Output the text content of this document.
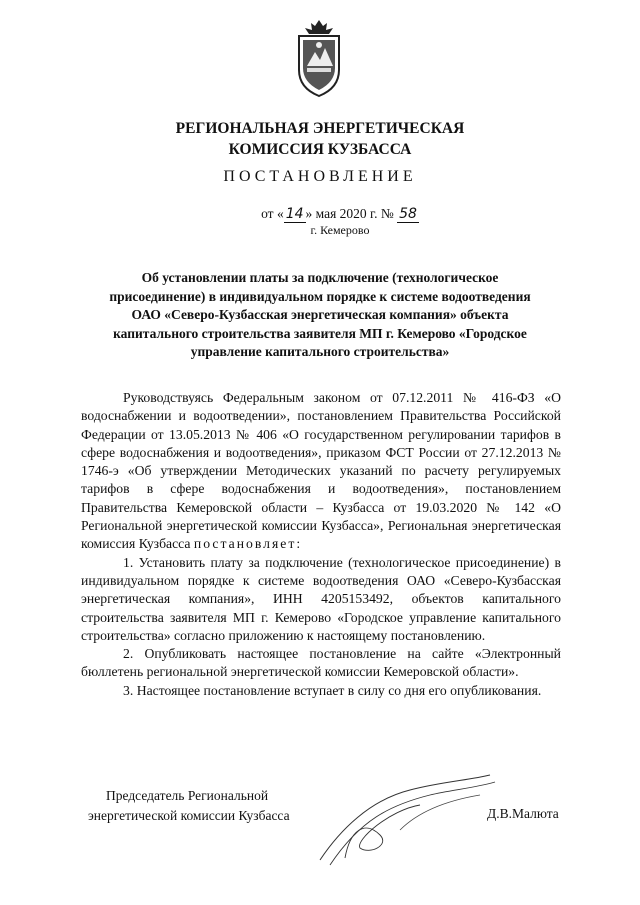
РЕГИОНАЛЬНАЯ ЭНЕРГЕТИЧЕСКАЯ КОМИССИЯ КУЗБАССА
ПОСТАНОВЛЕНИЕ
от « 14 » мая 2020 г. № 58
г. Кемерово
Об установлении платы за подключение (технологическое присоединение) в индивидуальном порядке к системе водоотведения ОАО «Северо-Кузбасская энергетическая компания» объекта капитального строительства заявителя МП г. Кемерово «Городское управление капитального строительства»

Руководствуясь Федеральным законом от 07.12.2011 № 416-ФЗ «О водоснабжении и водоотведении», постановлением Правительства Российской Федерации от 13.05.2013 № 406 «О государственном регулировании тарифов в сфере водоснабжения и водоотведения», приказом ФСТ России от 27.12.2013 № 1746-э «Об утверждении Методических указаний по расчету регулируемых тарифов в сфере водоснабжения и водоотведения», постановлением Правительства Кемеровской области – Кузбасса от 19.03.2020 № 142 «О Региональной энергетической комиссии Кузбасса», Региональная энергетическая комиссия Кузбасса постановляет:

1. Установить плату за подключение (технологическое присоединение) в индивидуальном порядке к системе водоотведения ОАО «Северо-Кузбасская энергетическая компания», ИНН 4205153492, объектов капитального строительства заявителя МП г. Кемерово «Городское управление капитального строительства» согласно приложению к настоящему постановлению.

2. Опубликовать настоящее постановление на сайте «Электронный бюллетень региональной энергетической комиссии Кемеровской области».

3. Настоящее постановление вступает в силу со дня его опубликования.

Председатель Региональной
энергетической комиссии Кузбасса	Д.В.Малюта
